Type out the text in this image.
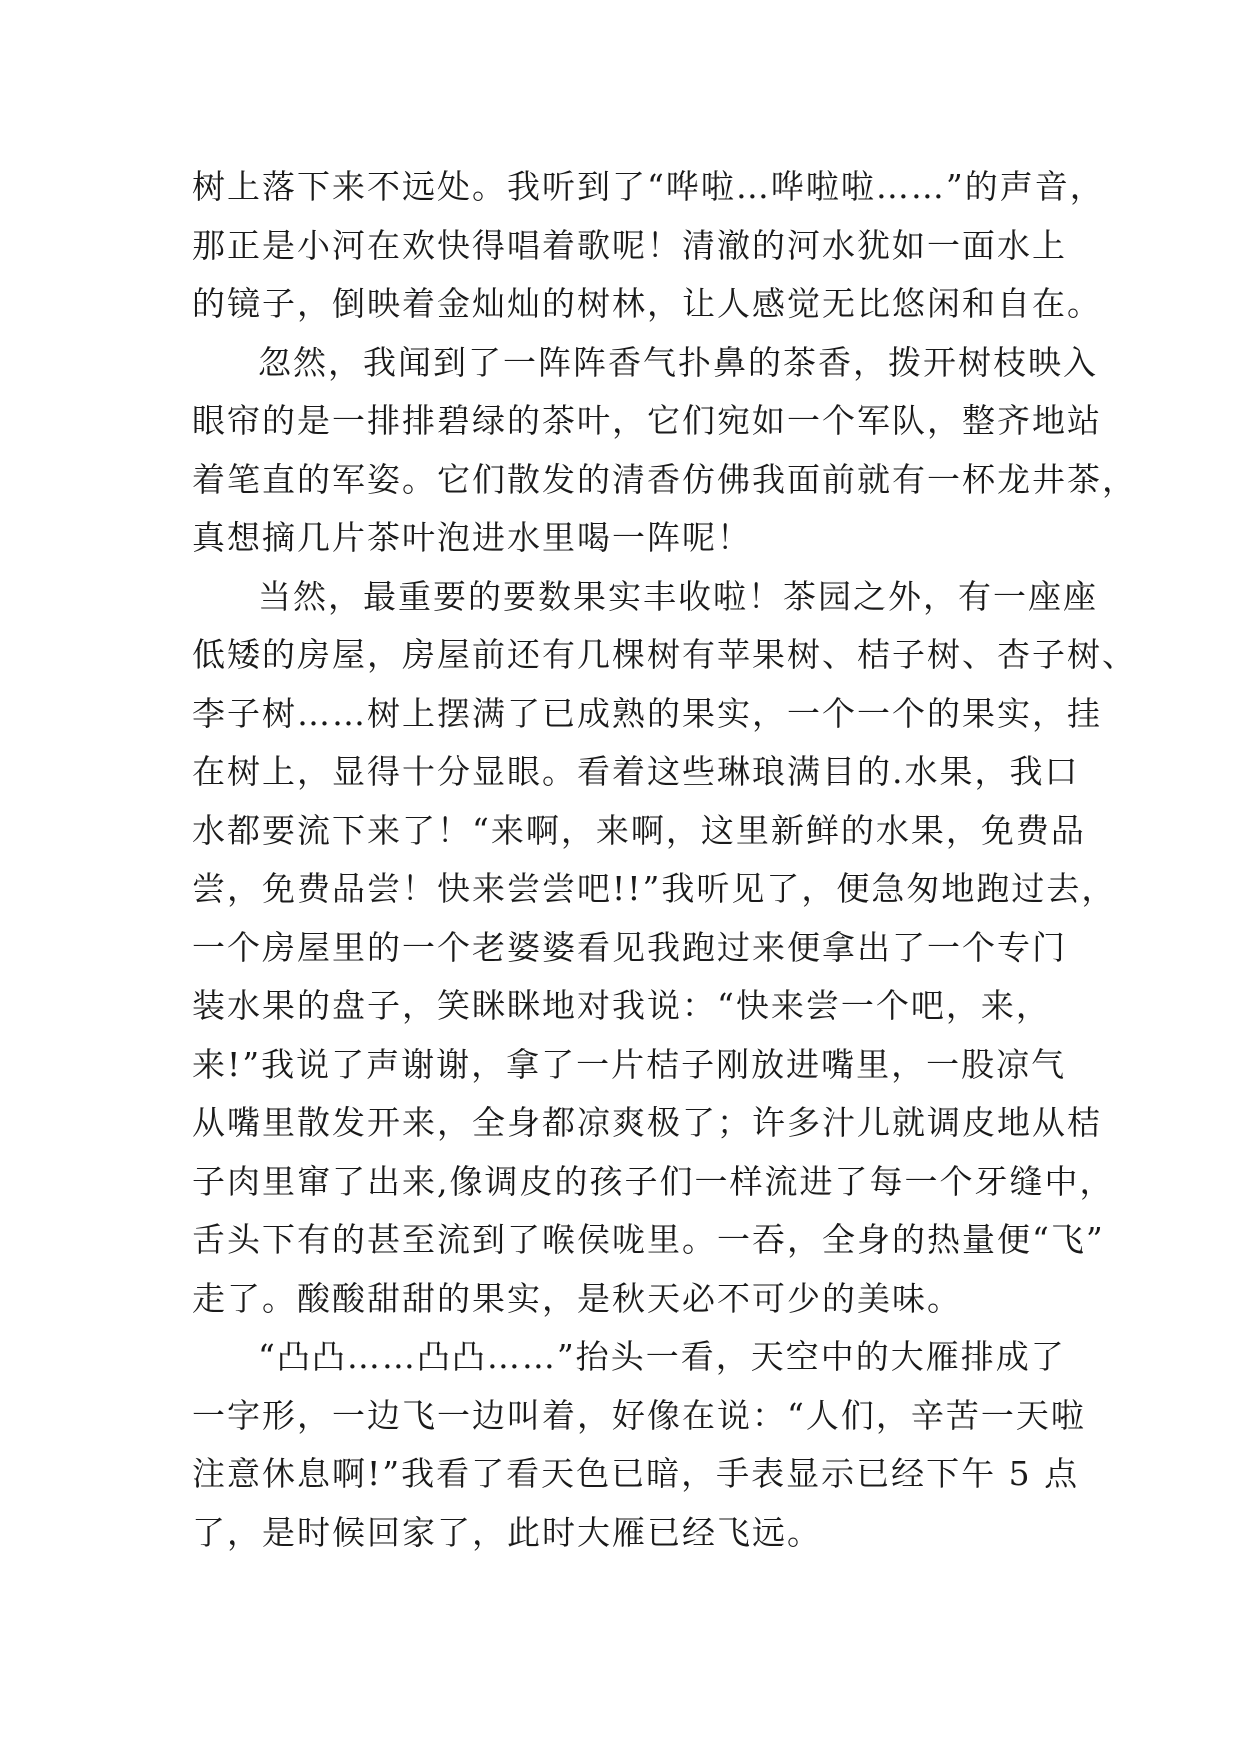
树上落下来不远处。我听到了“哗啦…哗啦啦……”的声音，
那正是小河在欢快得唱着歌呢！清澈的河水犹如一面水上
的镜子，倒映着金灿灿的树林，让人感觉无比悠闲和自在。
忽然，我闻到了一阵阵香气扑鼻的茶香，拨开树枝映入
眼帘的是一排排碧绿的茶叶，它们宛如一个军队，整齐地站
着笔直的军姿。它们散发的清香仿佛我面前就有一杯龙井茶，
真想摘几片茶叶泡进水里喝一阵呢！
当然，最重要的要数果实丰收啦！茶园之外，有一座座
低矮的房屋，房屋前还有几棵树有苹果树、桔子树、杏子树、
李子树……树上摆满了已成熟的果实，一个一个的果实，挂
在树上，显得十分显眼。看着这些琳琅满目的.水果，我口
水都要流下来了！“来啊，来啊，这里新鲜的水果，免费品
尝，免费品尝！快来尝尝吧!!”我听见了，便急匆地跑过去，
一个房屋里的一个老婆婆看见我跑过来便拿出了一个专门
装水果的盘子，笑眯眯地对我说：“快来尝一个吧，来，
来!”我说了声谢谢，拿了一片桔子刚放进嘴里，一股凉气
从嘴里散发开来，全身都凉爽极了；许多汁儿就调皮地从桔
子肉里窜了出来,像调皮的孩子们一样流进了每一个牙缝中，
舌头下有的甚至流到了喉侯咙里。一吞，全身的热量便“飞”
走了。酸酸甜甜的果实，是秋天必不可少的美味。
“凸凸……凸凸……”抬头一看，天空中的大雁排成了
一字形，一边飞一边叫着，好像在说：“人们，辛苦一天啦
注意休息啊!”我看了看天色已暗，手表显示已经下午 5 点
了，是时候回家了，此时大雁已经飞远。
